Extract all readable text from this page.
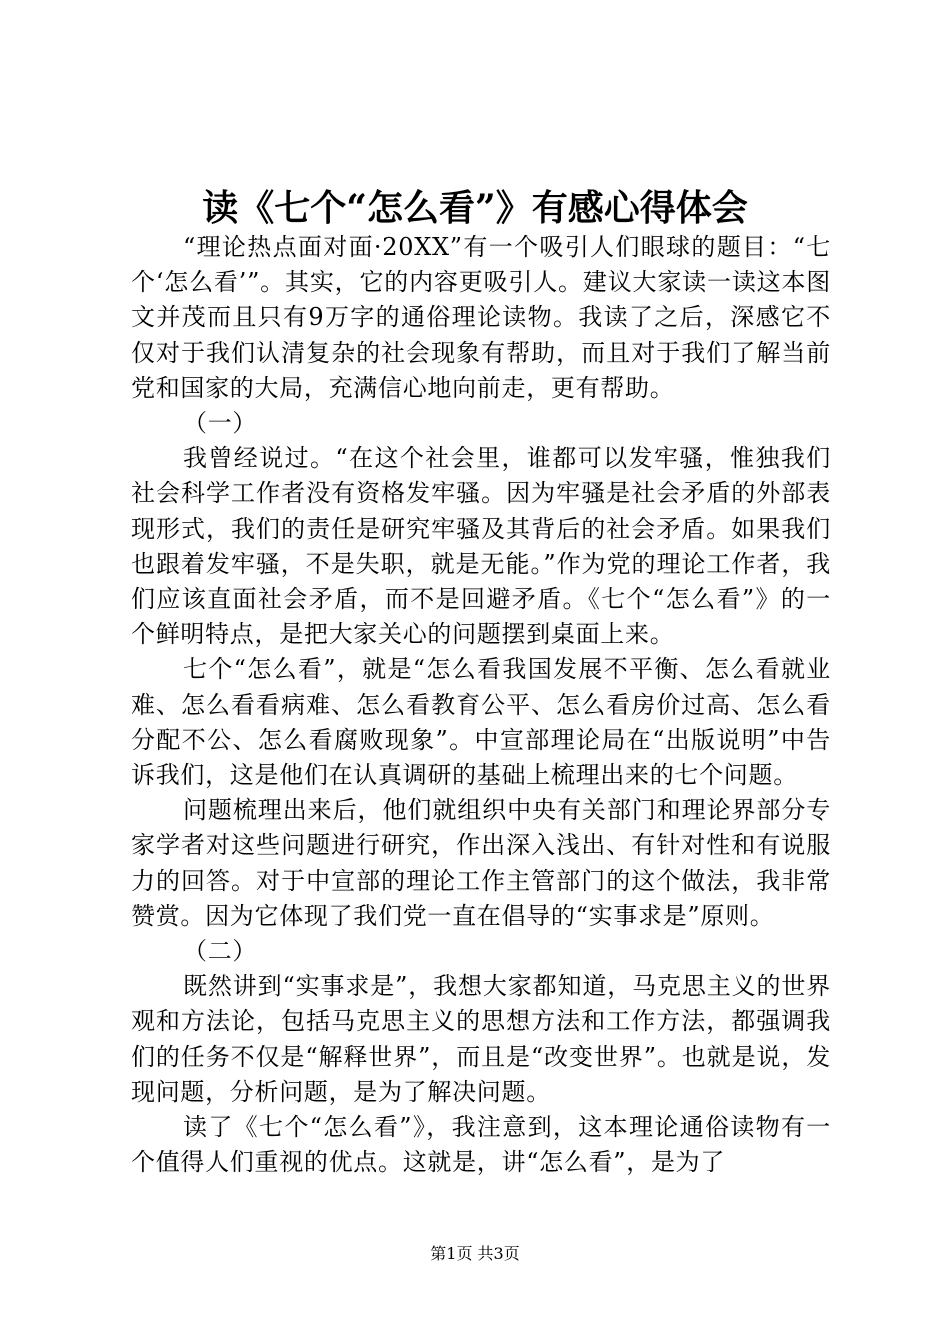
读《七个“怎么看”》有感心得体会

“理论热点面对面·20XX”有一个吸引人们眼球的题目：“七个‘怎么看’”。其实，它的内容更吸引人。建议大家读一读这本图文并茂而且只有9万字的通俗理论读物。我读了之后，深感它不仅对于我们认清复杂的社会现象有帮助，而且对于我们了解当前党和国家的大局，充满信心地向前走，更有帮助。

（一）

我曾经说过。“在这个社会里，谁都可以发牢骚，惟独我们社会科学工作者没有资格发牢骚。因为牢骚是社会矛盾的外部表现形式，我们的责任是研究牢骚及其背后的社会矛盾。如果我们也跟着发牢骚，不是失职，就是无能。”作为党的理论工作者，我们应该直面社会矛盾，而不是回避矛盾。《七个“怎么看”》的一个鲜明特点，是把大家关心的问题摆到桌面上来。

七个“怎么看”，就是“怎么看我国发展不平衡、怎么看就业难、怎么看看病难、怎么看教育公平、怎么看房价过高、怎么看分配不公、怎么看腐败现象”。中宣部理论局在“出版说明”中告诉我们，这是他们在认真调研的基础上梳理出来的七个问题。

问题梳理出来后，他们就组织中央有关部门和理论界部分专家学者对这些问题进行研究，作出深入浅出、有针对性和有说服力的回答。对于中宣部的理论工作主管部门的这个做法，我非常赞赏。因为它体现了我们党一直在倡导的“实事求是”原则。

（二）

既然讲到“实事求是”，我想大家都知道，马克思主义的世界观和方法论，包括马克思主义的思想方法和工作方法，都强调我们的任务不仅是“解释世界”，而且是“改变世界”。也就是说，发现问题，分析问题，是为了解决问题。

读了《七个“怎么看”》，我注意到，这本理论通俗读物有一个值得人们重视的优点。这就是，讲“怎么看”，是为了

第1页 共3页
